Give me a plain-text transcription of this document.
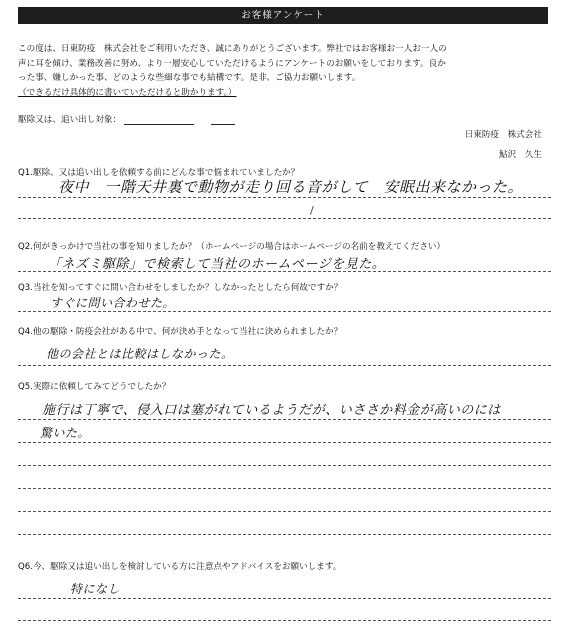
お客様アンケート
この度は、日東防疫　株式会社をご利用いただき、誠にありがとうございます。弊社ではお客様お一人お一人の
声に耳を傾け、業務改善に努め、より一層安心していただけるようにアンケートのお願いをしております。良か
った事、嫌しかった事、どのような些細な事でも結構です。是非、ご協力お願いします。
（できるだけ具体的に書いていただけると助かります。）
駆除又は、追い出し対象：
日東防疫　株式会社
鮎沢　久生
Q1.駆除、又は追い出しを依頼する前にどんな事で悩まれていましたか？
夜中　一階天井裏で動物が走り回る音がして　安眠出来なかった。
/
Q2.何がきっかけで当社の事を知りましたか？（ホームページの場合はホームページの名前を教えてください）
「ネズミ駆除」で検索して当社のホームページを見た。
Q3.当社を知ってすぐに問い合わせをしましたか？しなかったとしたら何故ですか？
すぐに問い合わせた。
Q4.他の駆除・防疫会社がある中で、何が決め手となって当社に決められましたか？
他の会社とは比較はしなかった。
Q5.実際に依頼してみてどうでしたか？
施行は丁寧で、侵入口は塞がれているようだが、いささか料金が高いのには
驚いた。
Q6.今、駆除又は追い出しを検討している方に注意点やアドバイスをお願いします。
特になし
